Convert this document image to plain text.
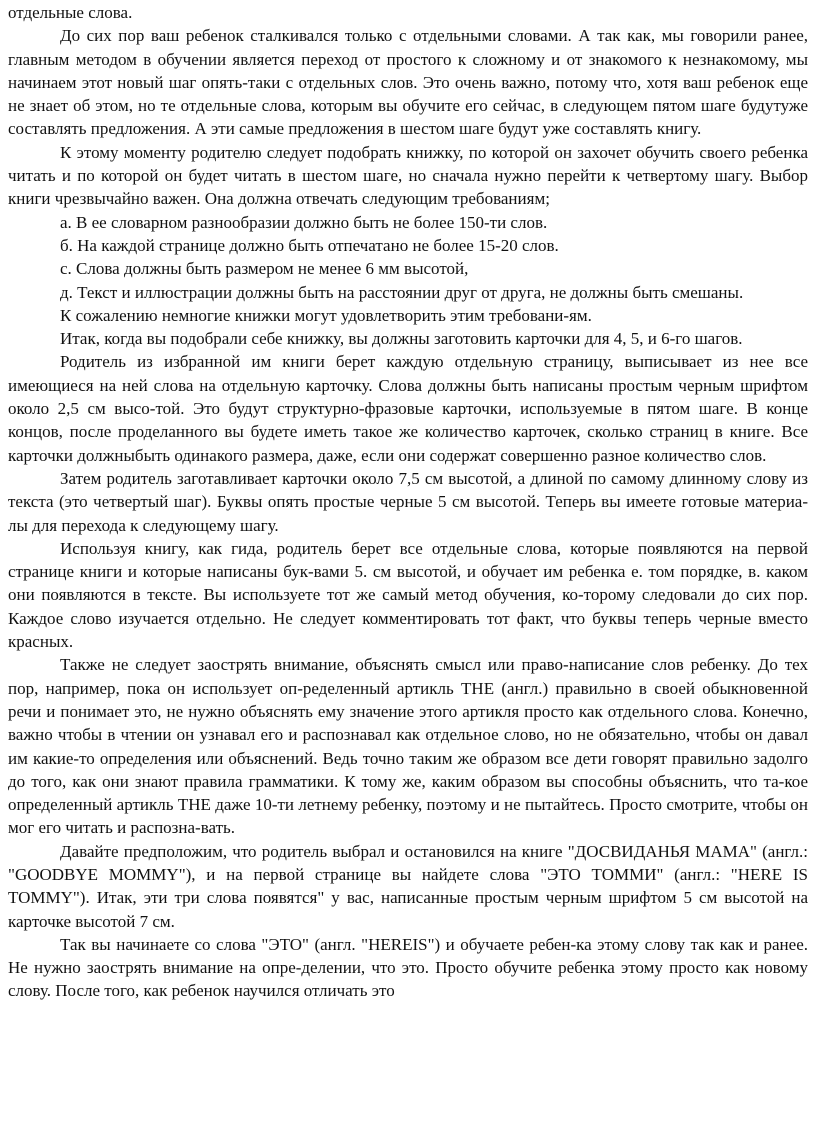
отдельные слова.

До сих пор ваш ребенок сталкивался только с отдельными словами. А так как, мы говорили ранее, главным методом в обучении является переход от простого к сложному и от знакомого к незнакомому, мы начинаем этот новый шаг опять-таки с отдельных слов. Это очень важно, потому что, хотя ваш ребенок еще не знает об этом, но те отдельные слова, которым вы обучите его сейчас, в следующем пятом шаге будутуже составлять предложения. А эти самые предложения в шестом шаге будут уже составлять книгу.

К этому моменту родителю следует подобрать книжку, по которой он захочет обучить своего ребенка читать и по которой он будет читать в шестом шаге, но сначала нужно перейти к четвертому шагу. Выбор книги чрезвычайно важен. Она должна отвечать следующим требованиям;

a. В ее словарном разнообразии должно быть не более 150-ти слов.

б. На каждой странице должно быть отпечатано не более 15-20 слов.

с. Слова должны быть размером не менее 6 мм высотой,

д. Текст и иллюстрации должны быть на расстоянии друг от друга, не должны быть смешаны.

К сожалению немногие книжки могут удовлетворить этим требовани-ям.

Итак, когда вы подобрали себе книжку, вы должны заготовить карточки для 4, 5, и 6-го шагов.

Родитель из избранной им книги берет каждую отдельную страницу, выписывает из нее все имеющиеся на ней слова на отдельную карточку. Слова должны быть написаны простым черным шрифтом около 2,5 см высо-той. Это будут структурно-фразовые карточки, используемые в пятом шаге. В конце концов, после проделанного вы будете иметь такое же количество карточек, сколько страниц в книге. Все карточки должныбыть одинакого размера, даже, если они содержат совершенно разное количество слов.

Затем родитель заготавливает карточки около 7,5 см высотой, а длиной по самому длинному слову из текста (это четвертый шаг). Буквы опять простые черные 5 см высотой. Теперь вы имеете готовые материа-лы для перехода к следующему шагу.

Используя книгу, как гида, родитель берет все отдельные слова, которые появляются на первой странице книги и которые написаны бук-вами 5. см высотой, и обучает им ребенка е. том порядке, в. каком они появляются в тексте. Вы используете тот же самый метод обучения, ко-торому следовали до сих пор. Каждое слово изучается отдельно. Не следует комментировать тот факт, что буквы теперь черные вместо красных.

Также не следует заострять внимание, объяснять смысл или право-написание слов ребенку. До тех пор, например, пока он использует оп-ределенный артикль THE (англ.) правильно в своей обыкновенной речи и понимает это, не нужно объяснять ему значение этого артикля просто как отдельного слова. Конечно, важно чтобы в чтении он узнавал его и распознавал как отдельное слово, но не обязательно, чтобы он давал им какие-то определения или объяснений. Ведь точно таким же образом все дети говорят правильно задолго до того, как они знают правила грамматики. К тому же, каким образом вы способны объяснить, что та-кое определенный артикль THE даже 10-ти летнему ребенку, поэтому и не пытайтесь. Просто смотрите, чтобы он мог его читать и распозна-вать.

Давайте предположим, что родитель выбрал и остановился на книге "ДОСВИДАНЬЯ МАМА" (англ.: "GOODBYE MOMMY"), и на первой странице вы найдете слова "ЭТО ТОММИ" (англ.: "HERE IS TOMMY"). Итак, эти три слова появятся" у вас, написанные простым черным шрифтом 5 см высотой на карточке высотой 7 см.

Так вы начинаете со слова "ЭТО" (англ. "HEREIS") и обучаете ребен-ка этому слову так как и ранее. Не нужно заострять внимание на опре-делении, что это. Просто обучите ребенка этому просто как новому слову. После того, как ребенок научился отличать это
